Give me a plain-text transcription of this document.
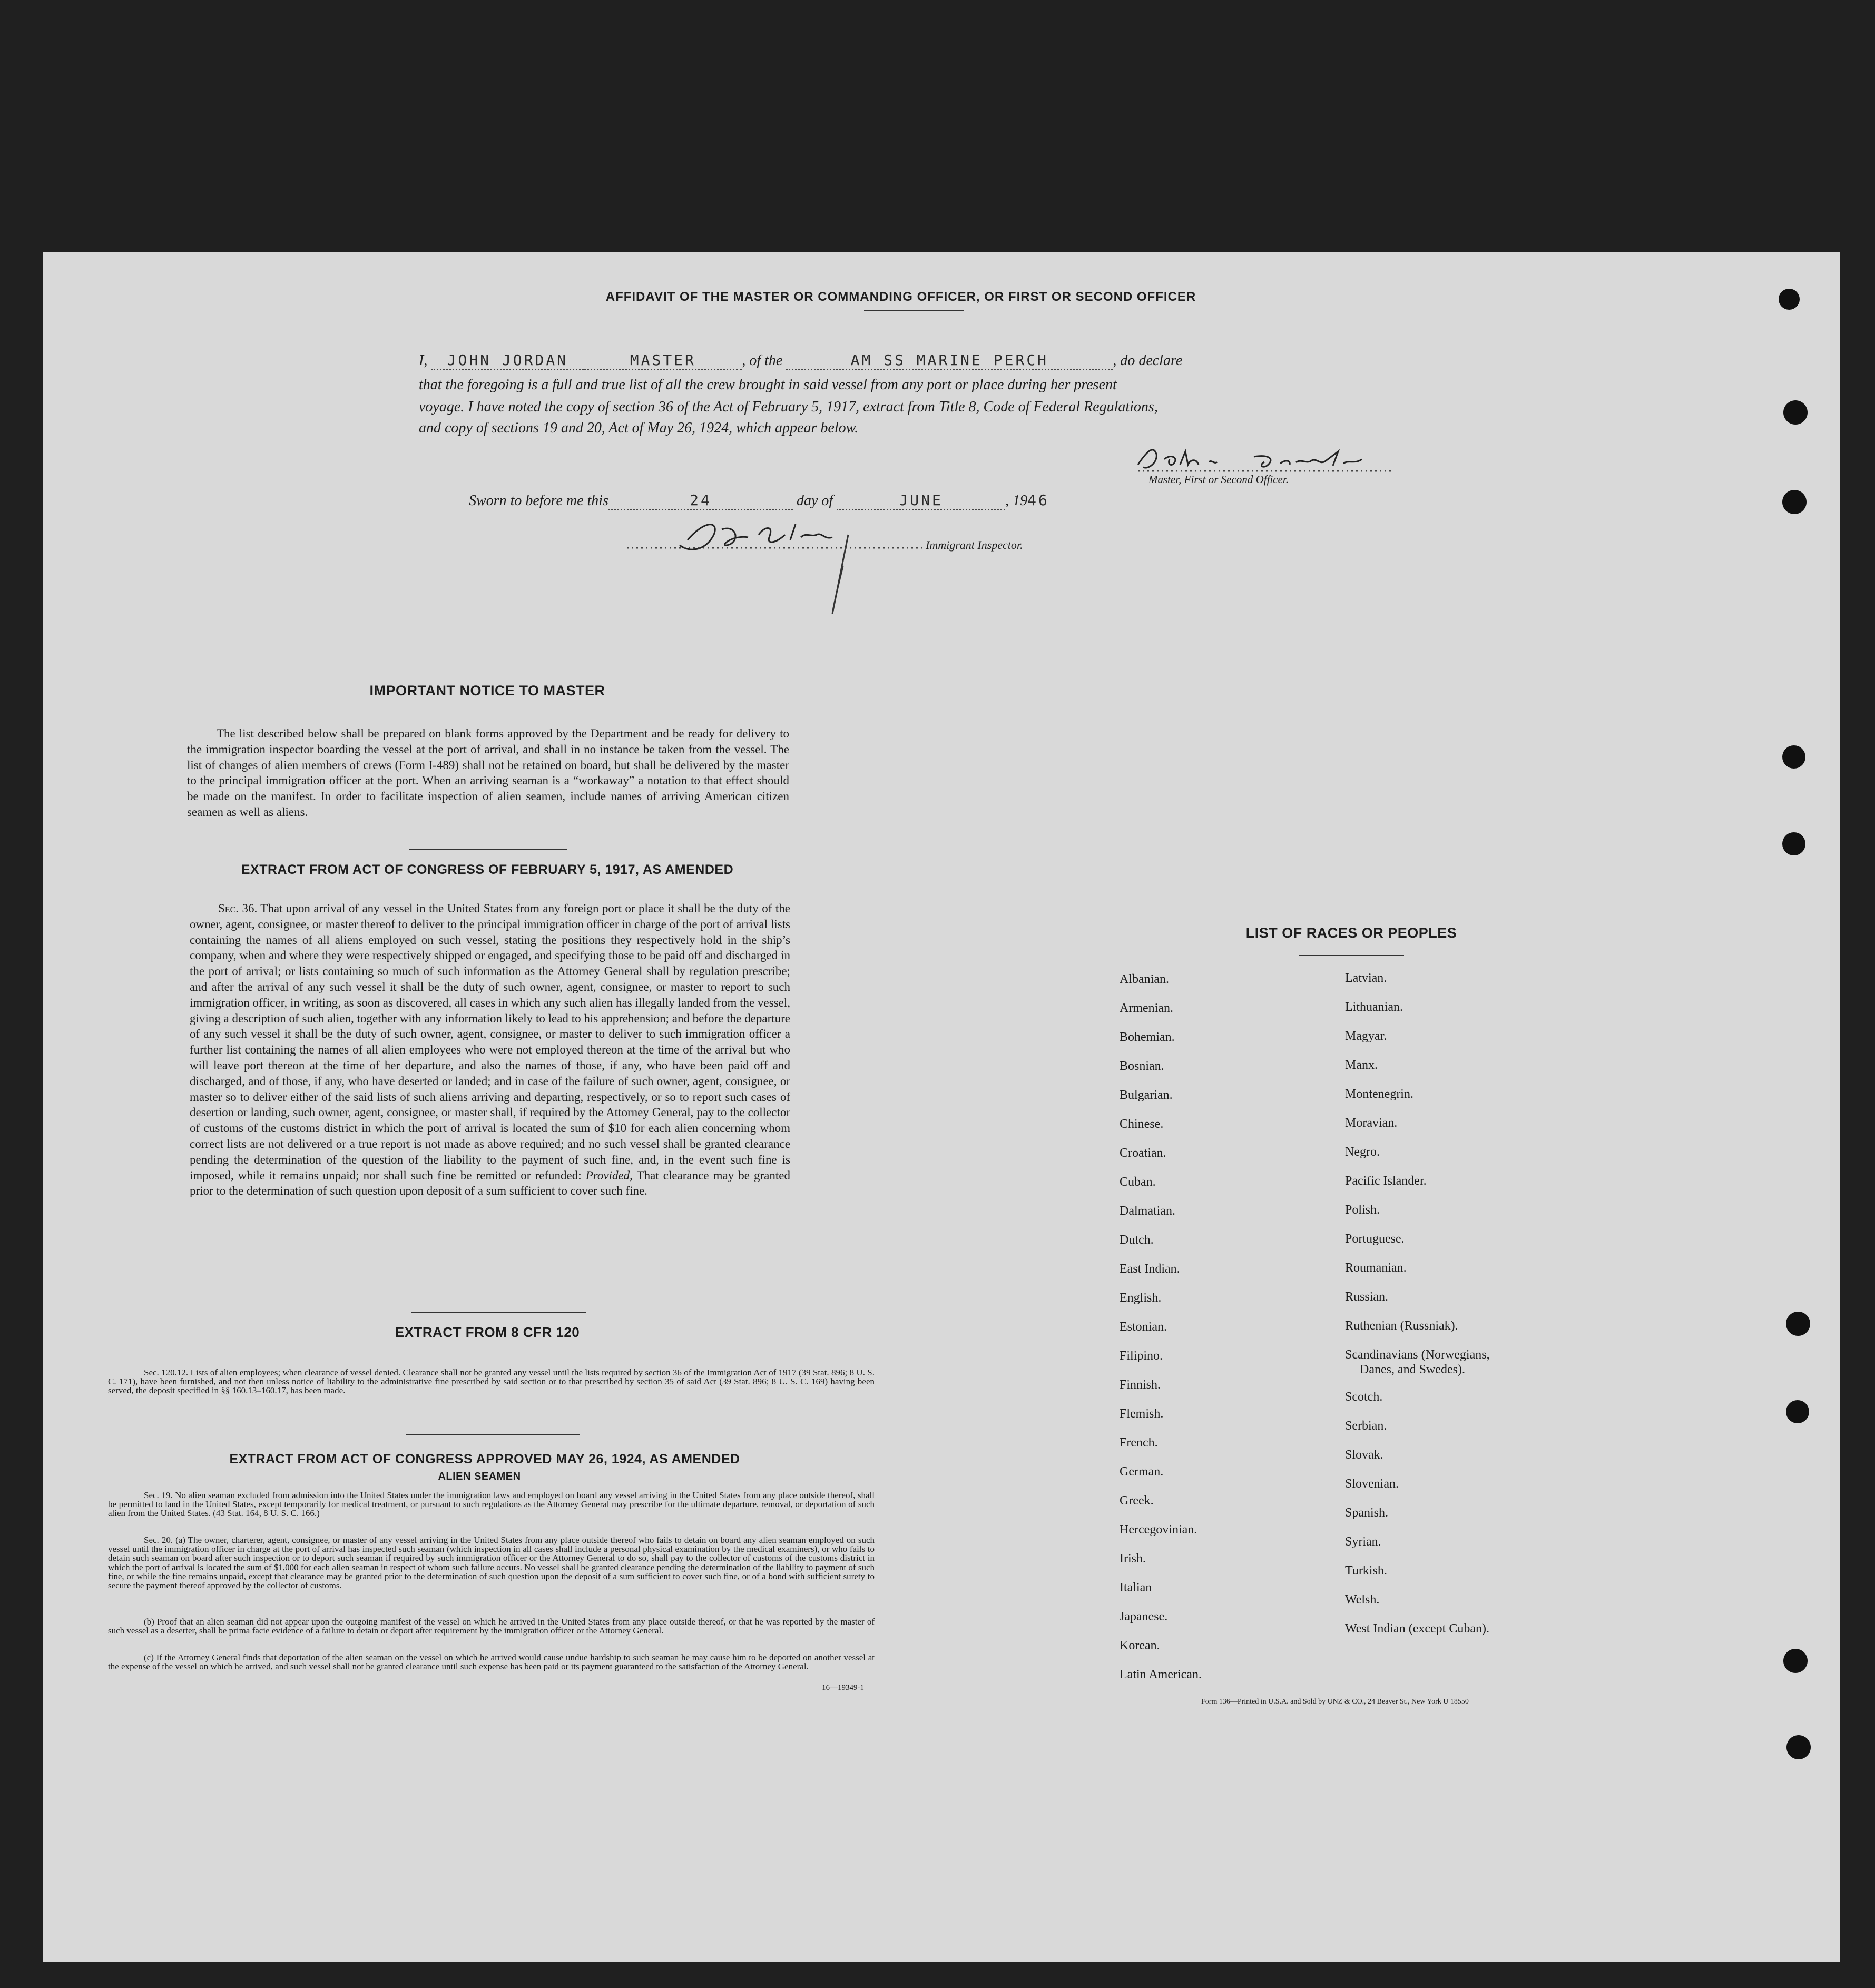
AFFIDAVIT OF THE MASTER OR COMMANDING OFFICER, OR FIRST OR SECOND OFFICER
I, JOHN JORDAN	MASTER	, of the	AM SS MARINE PERCH	, do declare
that the foregoing is a full and true list of all the crew brought in said vessel from any port or place during her present
voyage. I have noted the copy of section 36 of the Act of February 5, 1917, extract from Title 8, Code of Federal Regulations,
and copy of sections 19 and 20, Act of May 26, 1924, which appear below.
Master, First or Second Officer.
Sworn to before me this	24	day of	JUNE	, 1946
Immigrant Inspector.
IMPORTANT NOTICE TO MASTER
The list described below shall be prepared on blank forms approved by the Department and be ready for delivery to the immigration inspector boarding the vessel at the port of arrival, and shall in no instance be taken from the vessel. The list of changes of alien members of crews (Form I-489) shall not be retained on board, but shall be delivered by the master to the principal immigration officer at the port. When an arriving seaman is a “workaway” a notation to that effect should be made on the manifest. In order to facilitate inspection of alien seamen, include names of arriving American citizen seamen as well as aliens.
EXTRACT FROM ACT OF CONGRESS OF FEBRUARY 5, 1917, AS AMENDED
Sec. 36. That upon arrival of any vessel in the United States from any foreign port or place it shall be the duty of the owner, agent, consignee, or master thereof to deliver to the principal immigration officer in charge of the port of arrival lists containing the names of all aliens employed on such vessel, stating the positions they respectively hold in the ship’s company, when and where they were respectively shipped or engaged, and specifying those to be paid off and discharged in the port of arrival; or lists containing so much of such information as the Attorney General shall by regulation prescribe; and after the arrival of any such vessel it shall be the duty of such owner, agent, consignee, or master to report to such immigration officer, in writing, as soon as discovered, all cases in which any such alien has illegally landed from the vessel, giving a description of such alien, together with any information likely to lead to his apprehension; and before the departure of any such vessel it shall be the duty of such owner, agent, consignee, or master to deliver to such immigration officer a further list containing the names of all alien employees who were not employed thereon at the time of the arrival but who will leave port thereon at the time of her departure, and also the names of those, if any, who have been paid off and discharged, and of those, if any, who have deserted or landed; and in case of the failure of such owner, agent, consignee, or master so to deliver either of the said lists of such aliens arriving and departing, respectively, or so to report such cases of desertion or landing, such owner, agent, consignee, or master shall, if required by the Attorney General, pay to the collector of customs of the customs district in which the port of arrival is located the sum of $10 for each alien concerning whom correct lists are not delivered or a true report is not made as above required; and no such vessel shall be granted clearance pending the determination of the question of the liability to the payment of such fine, and, in the event such fine is imposed, while it remains unpaid; nor shall such fine be remitted or refunded: Provided, That clearance may be granted prior to the determination of such question upon deposit of a sum sufficient to cover such fine.
EXTRACT FROM 8 CFR 120
Sec. 120.12. Lists of alien employees; when clearance of vessel denied. Clearance shall not be granted any vessel until the lists required by section 36 of the Immigration Act of 1917 (39 Stat. 896; 8 U. S. C. 171), have been furnished, and not then unless notice of liability to the administrative fine prescribed by said section or to that prescribed by section 35 of said Act (39 Stat. 896; 8 U. S. C. 169) having been served, the deposit specified in §§ 160.13–160.17, has been made.
EXTRACT FROM ACT OF CONGRESS APPROVED MAY 26, 1924, AS AMENDED
ALIEN SEAMEN
Sec. 19. No alien seaman excluded from admission into the United States under the immigration laws and employed on board any vessel arriving in the United States from any place outside thereof, shall be permitted to land in the United States, except temporarily for medical treatment, or pursuant to such regulations as the Attorney General may prescribe for the ultimate departure, removal, or deportation of such alien from the United States. (43 Stat. 164, 8 U. S. C. 166.)
Sec. 20. (a) The owner, charterer, agent, consignee, or master of any vessel arriving in the United States from any place outside thereof who fails to detain on board any alien seaman employed on such vessel until the immigration officer in charge at the port of arrival has inspected such seaman (which inspection in all cases shall include a personal physical examination by the medical examiners), or who fails to detain such seaman on board after such inspection or to deport such seaman if required by such immigration officer or the Attorney General to do so, shall pay to the collector of customs of the customs district in which the port of arrival is located the sum of $1,000 for each alien seaman in respect of whom such failure occurs. No vessel shall be granted clearance pending the determination of the liability to payment of such fine, or while the fine remains unpaid, except that clearance may be granted prior to the determination of such question upon the deposit of a sum sufficient to cover such fine, or of a bond with sufficient surety to secure the payment thereof approved by the collector of customs.
(b) Proof that an alien seaman did not appear upon the outgoing manifest of the vessel on which he arrived in the United States from any place outside thereof, or that he was reported by the master of such vessel as a deserter, shall be prima facie evidence of a failure to detain or deport after requirement by the immigration officer or the Attorney General.
(c) If the Attorney General finds that deportation of the alien seaman on the vessel on which he arrived would cause undue hardship to such seaman he may cause him to be deported on another vessel at the expense of the vessel on which he arrived, and such vessel shall not be granted clearance until such expense has been paid or its payment guaranteed to the satisfaction of the Attorney General.
16—19349-1
LIST OF RACES OR PEOPLES
Albanian.
Armenian.
Bohemian.
Bosnian.
Bulgarian.
Chinese.
Croatian.
Cuban.
Dalmatian.
Dutch.
East Indian.
English.
Estonian.
Filipino.
Finnish.
Flemish.
French.
German.
Greek.
Hercegovinian.
Irish.
Italian
Japanese.
Korean.
Latin American.
Latvian.
Lithuanian.
Magyar.
Manx.
Montenegrin.
Moravian.
Negro.
Pacific Islander.
Polish.
Portuguese.
Roumanian.
Russian.
Ruthenian (Russniak).
Scandinavians (Norwegians,
Danes, and Swedes).
Scotch.
Serbian.
Slovak.
Slovenian.
Spanish.
Syrian.
Turkish.
Welsh.
West Indian (except Cuban).
Form 136—Printed in U.S.A. and Sold by UNZ & CO., 24 Beaver St., New York U 18550
